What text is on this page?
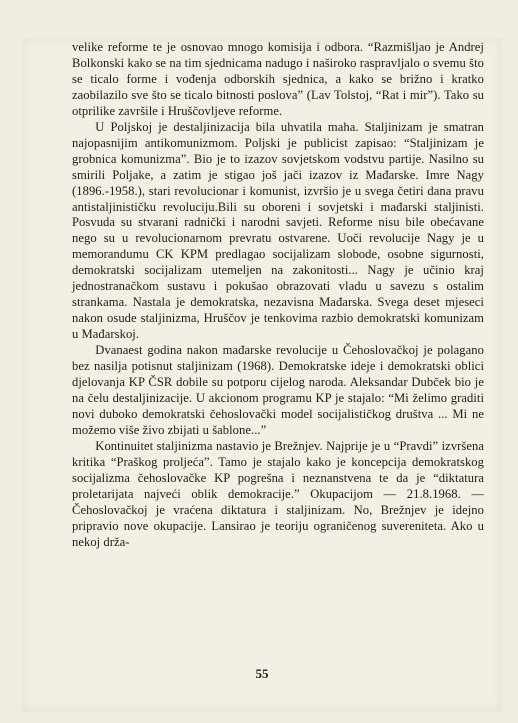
velike reforme te je osnovao mnogo komisija i odbora. “Razmišljao je Andrej Bolkonski kako se na tim sjednicama nadugo i naširoko raspravljalo o svemu što se ticalo forme i vođenja odborskih sjednica, a kako se brižno i kratko zaobilazilo sve što se ticalo bitnosti poslova” (Lav Tolstoj, “Rat i mir”). Tako su otprilike završile i Hruščovljeve reforme.

U Poljskoj je destaljinizacija bila uhvatila maha. Staljinizam je smatran najopasnijim antikomunizmom. Poljski je publicist zapisao: “Staljinizam je grobnica komunizma”. Bio je to izazov sovjetskom vodstvu partije. Nasilno su smirili Poljake, a zatim je stigao još jači izazov iz Mađarske. Imre Nagy (1896.-1958.), stari revolucionar i komunist, izvršio je u svega četiri dana pravu antistaljinističku revoluciju.Bili su oboreni i sovjetski i mađarski staljinisti. Posvuda su stvarani radnički i narodni savjeti. Reforme nisu bile obećavane nego su u revolucionarnom prevratu ostvarene. Uoči revolucije Nagy je u memorandumu CK KPM predlagao socijalizam slobode, osobne sigurnosti, demokratski socijalizam utemeljen na zakonitosti... Nagy je učinio kraj jednostranačkom sustavu i pokušao obrazovati vladu u savezu s ostalim strankama. Nastala je demokratska, nezavisna Mađarska. Svega deset mjeseci nakon osude staljinizma, Hruščov je tenkovima razbio demokratski komunizam u Mađarskoj.

Dvanaest godina nakon mađarske revolucije u Čehoslovačkoj je polagano bez nasilja potisnut staljinizam (1968). Demokratske ideje i demokratski oblici djelovanja KP ČSR dobile su potporu cijelog naroda. Aleksandar Dubček bio je na čelu destaljinizacije. U akcionom programu KP je stajalo: “Mi želimo graditi novi duboko demokratski čehoslovački model socijalističkog društva ... Mi ne možemo više živo zbijati u šablone...”

Kontinuitet staljinizma nastavio je Brežnjev. Najprije je u “Pravdi” izvršena kritika “Praškog proljeća”. Tamo je stajalo kako je koncepcija demokratskog socijalizma čehoslovačke KP pogrešna i neznanstvena te da je “diktatura proletarijata najveći oblik demokracije.” Okupacijom — 21.8.1968. — Čehoslovačkoj je vraćena diktatura i staljinizam. No, Brežnjev je idejno pripravio nove okupacije. Lansirao je teoriju ograničenog suvereniteta. Ako u nekoj drža-

55
